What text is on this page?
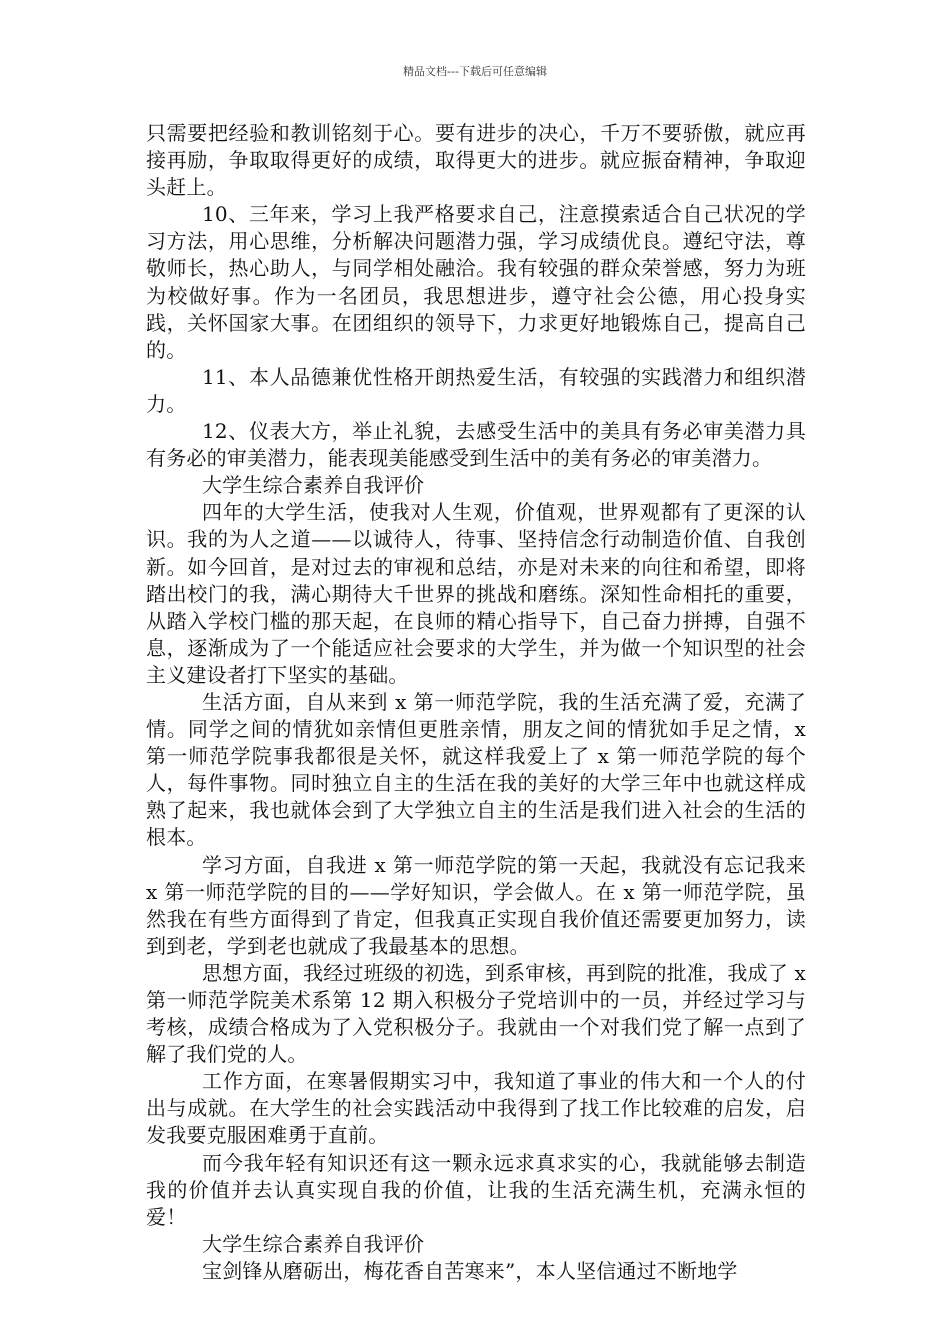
精品文档---下载后可任意编辑

只需要把经验和教训铭刻于心。要有进步的决心，千万不要骄傲，就应再接再励，争取取得更好的成绩，取得更大的进步。就应振奋精神，争取迎头赶上。

10、三年来，学习上我严格要求自己，注意摸索适合自己状况的学习方法，用心思维，分析解决问题潜力强，学习成绩优良。遵纪守法，尊敬师长，热心助人，与同学相处融洽。我有较强的群众荣誉感，努力为班为校做好事。作为一名团员，我思想进步，遵守社会公德，用心投身实践，关怀国家大事。在团组织的领导下，力求更好地锻炼自己，提高自己的。

11、本人品德兼优性格开朗热爱生活，有较强的实践潜力和组织潜力。

12、仪表大方，举止礼貌，去感受生活中的美具有务必审美潜力具有务必的审美潜力，能表现美能感受到生活中的美有务必的审美潜力。

大学生综合素养自我评价

四年的大学生活，使我对人生观，价值观，世界观都有了更深的认识。我的为人之道——以诚待人，待事、坚持信念行动制造价值、自我创新。如今回首，是对过去的审视和总结，亦是对未来的向往和希望，即将踏出校门的我，满心期待大千世界的挑战和磨练。深知性命相托的重要，从踏入学校门槛的那天起，在良师的精心指导下，自己奋力拼搏，自强不息，逐渐成为了一个能适应社会要求的大学生，并为做一个知识型的社会主义建设者打下坚实的基础。

生活方面，自从来到 x 第一师范学院，我的生活充满了爱，充满了情。同学之间的情犹如亲情但更胜亲情，朋友之间的情犹如手足之情，x 第一师范学院事我都很是关怀，就这样我爱上了 x 第一师范学院的每个人，每件事物。同时独立自主的生活在我的美好的大学三年中也就这样成熟了起来，我也就体会到了大学独立自主的生活是我们进入社会的生活的根本。

学习方面，自我进 x 第一师范学院的第一天起，我就没有忘记我来 x 第一师范学院的目的——学好知识，学会做人。在 x 第一师范学院，虽然我在有些方面得到了肯定，但我真正实现自我价值还需要更加努力，读到到老，学到老也就成了我最基本的思想。

思想方面，我经过班级的初选，到系审核，再到院的批准，我成了 x 第一师范学院美术系第 12 期入积极分子党培训中的一员，并经过学习与考核，成绩合格成为了入党积极分子。我就由一个对我们党了解一点到了解了我们党的人。

工作方面，在寒暑假期实习中，我知道了事业的伟大和一个人的付出与成就。在大学生的社会实践活动中我得到了找工作比较难的启发，启发我要克服困难勇于直前。

而今我年轻有知识还有这一颗永远求真求实的心，我就能够去制造我的价值并去认真实现自我的价值，让我的生活充满生机，充满永恒的爱！

大学生综合素养自我评价

宝剑锋从磨砺出，梅花香自苦寒来”，本人坚信通过不断地学
